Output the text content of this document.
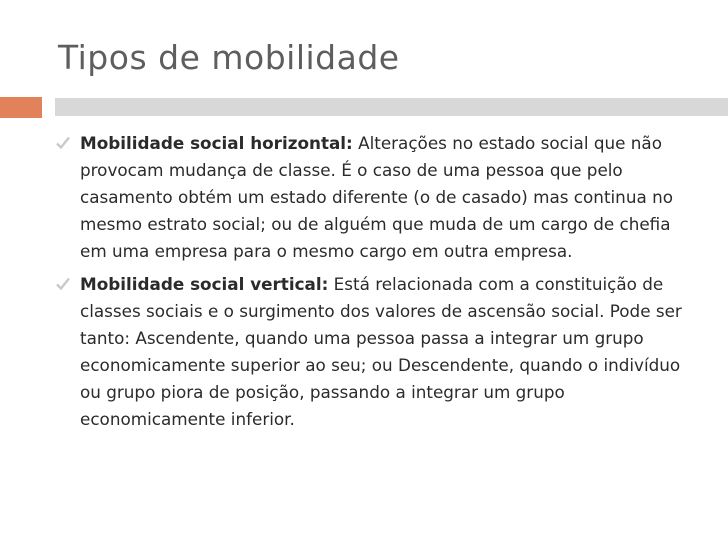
Tipos de mobilidade
Mobilidade social horizontal: Alterações no estado social que não provocam mudança de classe. É o caso de uma pessoa que pelo casamento obtém um estado diferente (o de casado) mas continua no mesmo estrato social; ou de alguém que muda de um cargo de chefia em uma empresa para o mesmo cargo em outra empresa.
Mobilidade social vertical: Está relacionada com a constituição de classes sociais e o surgimento dos valores de ascensão social. Pode ser tanto: Ascendente, quando uma pessoa passa a integrar um grupo economicamente superior ao seu; ou Descendente, quando o indivíduo ou grupo piora de posição, passando a integrar um grupo economicamente inferior.
